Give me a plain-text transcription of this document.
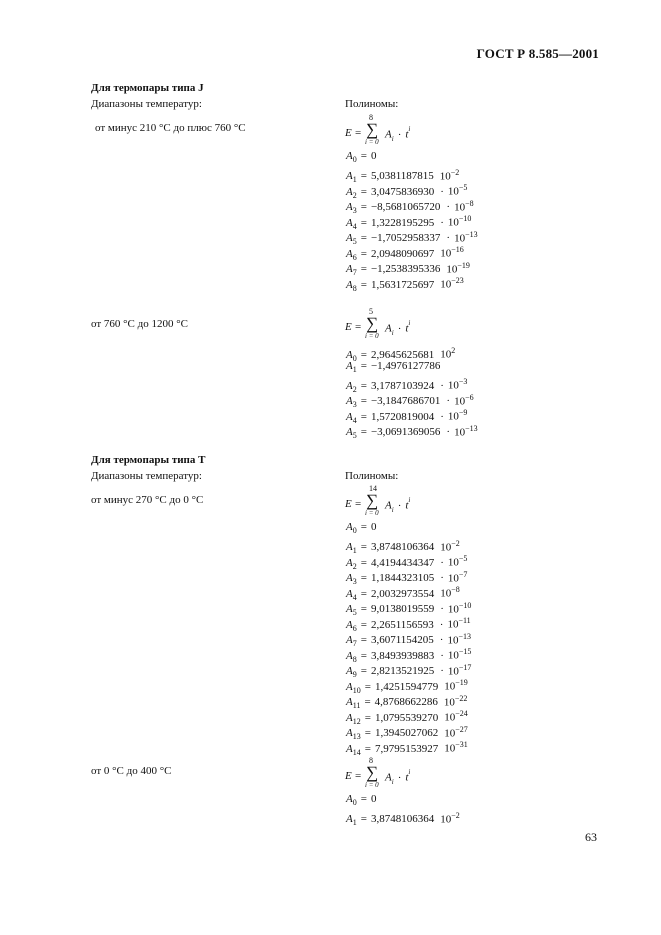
ГОСТ Р 8.585—2001
Для термопары типа J
Диапазоны температур:	Полиномы:
от минус 210 °С до плюс 760 °С	E =
8
∑
i = 0
$A_i \cdot t^i$
$A_0 = 0$
$A_1 = 5,0381187815$ $10^{-2}$
$A_2 = 3,0475836930 \cdot 10^{-5}$
$A_3 = -8,5681065720 \cdot 10^{-8}$
$A_4 = 1,3228195295 \cdot 10^{-10}$
$A_5 = -1,7052958337 \cdot 10^{-13}$
$A_6 = 2,0948090697$ $10^{-16}$
$A_7 = -1,2538395336$ $10^{-19}$
$A_8 = 1,5631725697$ $10^{-23}$
от 760 °С до 1200 °С	E =
5
∑
i = 0
$A_i \cdot t^i$
$A_0 = 2,9645625681$ $10^2$
$A_1 = -1,4976127786$
$A_2 = 3,1787103924 \cdot 10^{-3}$
$A_3 = -3,1847686701 \cdot 10^{-6}$
$A_4 = 1,5720819004 \cdot 10^{-9}$
$A_5 = -3,0691369056 \cdot 10^{-13}$
Для термопары типа Т
Диапазоны температур:	Полиномы:
от минус 270 °С до 0 °С	E =
14
∑
i = 0
$A_i \cdot t^i$
$A_0 = 0$
$A_1 = 3,8748106364$ $10^{-2}$
$A_2 = 4,4194434347 \cdot 10^{-5}$
$A_3 = 1,1844323105 \cdot 10^{-7}$
$A_4 = 2,0032973554$ $10^{-8}$
$A_5 = 9,0138019559 \cdot 10^{-10}$
$A_6 = 2,2651156593 \cdot 10^{-11}$
$A_7 = 3,6071154205 \cdot 10^{-13}$
$A_8 = 3,8493939883 \cdot 10^{-15}$
$A_9 = 2,8213521925 \cdot 10^{-17}$
$A_{10} = 1,4251594779$ $10^{-19}$
$A_{11} = 4,8768662286$ $10^{-22}$
$A_{12} = 1,0795539270$ $10^{-24}$
$A_{13} = 1,3945027062$ $10^{-27}$
$A_{14} = 7,9795153927$ $10^{-31}$
от 0 °С до 400 °С	E =
8
∑
i = 0
$A_i \cdot t^i$
$A_0 = 0$
$A_1 = 3,8748106364$ $10^{-2}$
63
